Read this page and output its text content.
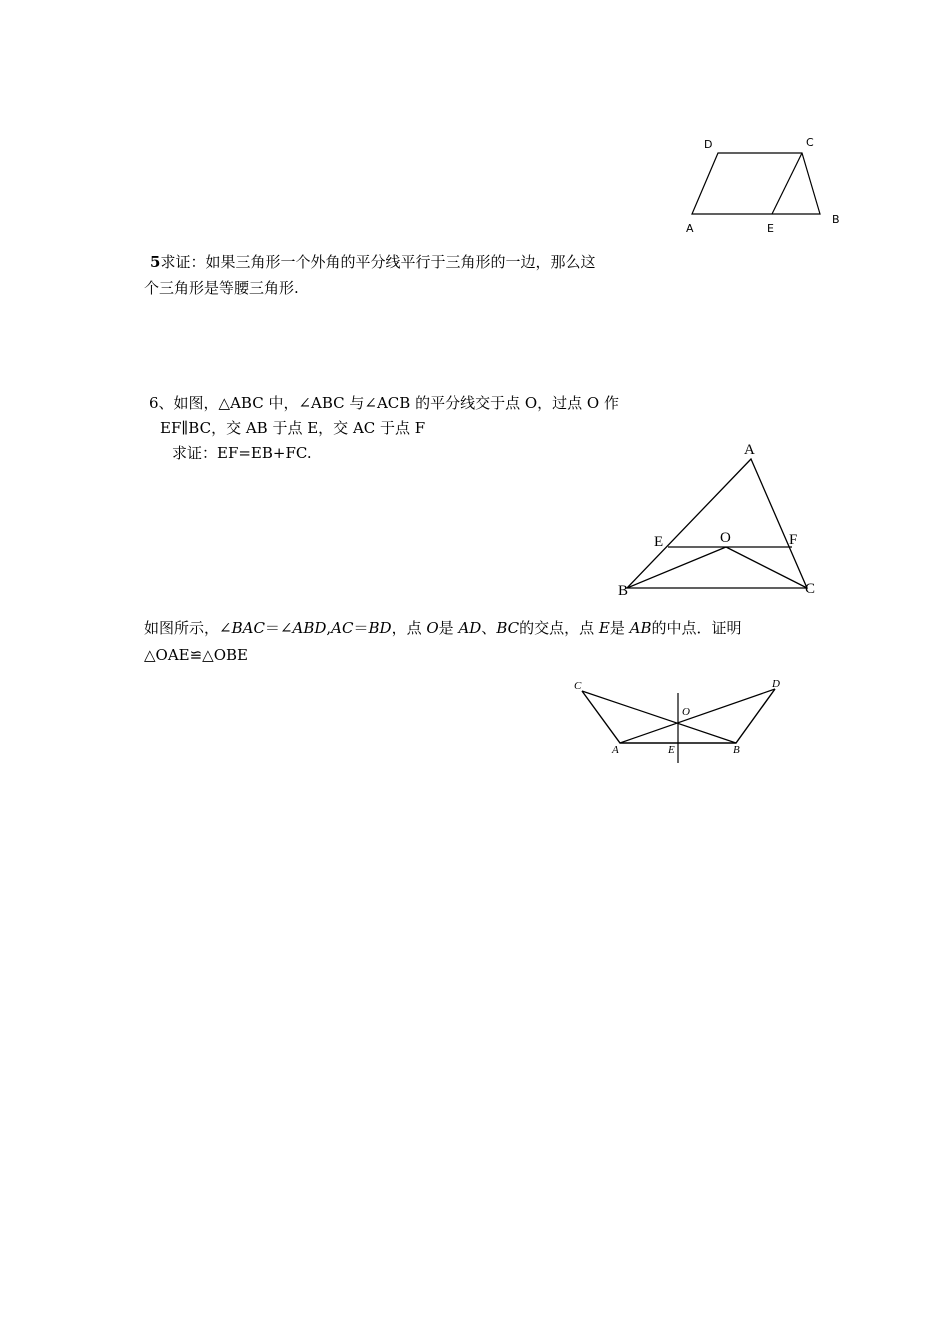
D	C
A	E
B
5求证：如果三角形一个外角的平分线平行于三角形的一边，那么这
个三角形是等腰三角形.
6、如图，△ABC 中，∠ABC 与∠ACB 的平分线交于点 O，过点 O 作
EF∥BC，交 AB 于点 E，交 AC 于点 F
求证：EF=EB+FC.	A
E	O	F
B	C
如图所示，∠BAC＝∠ABD,AC＝BD，点 O是 AD、BC的交点，点 E是 AB的中点．证明
△OAE≌△OBE
C	D
O
A	E	B
